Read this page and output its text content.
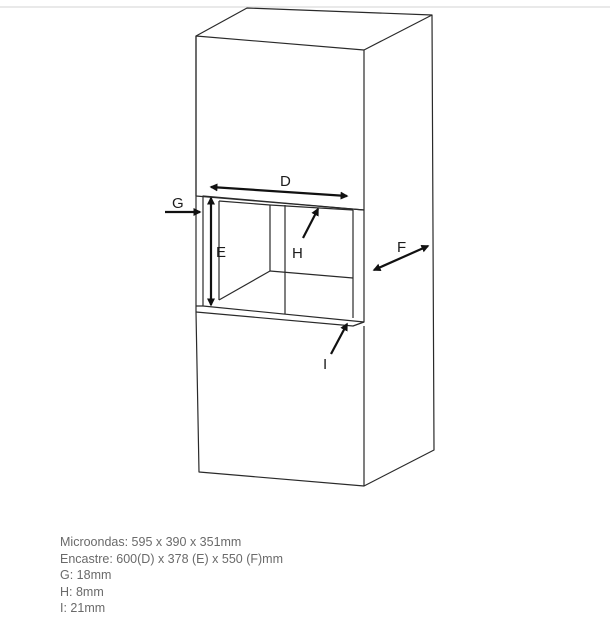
D
E	F
G
H
I
Microondas: 595 x 390 x 351mm
Encastre: 600(D) x 378 (E) x 550 (F)mm
G: 18mm
H: 8mm
I: 21mm
